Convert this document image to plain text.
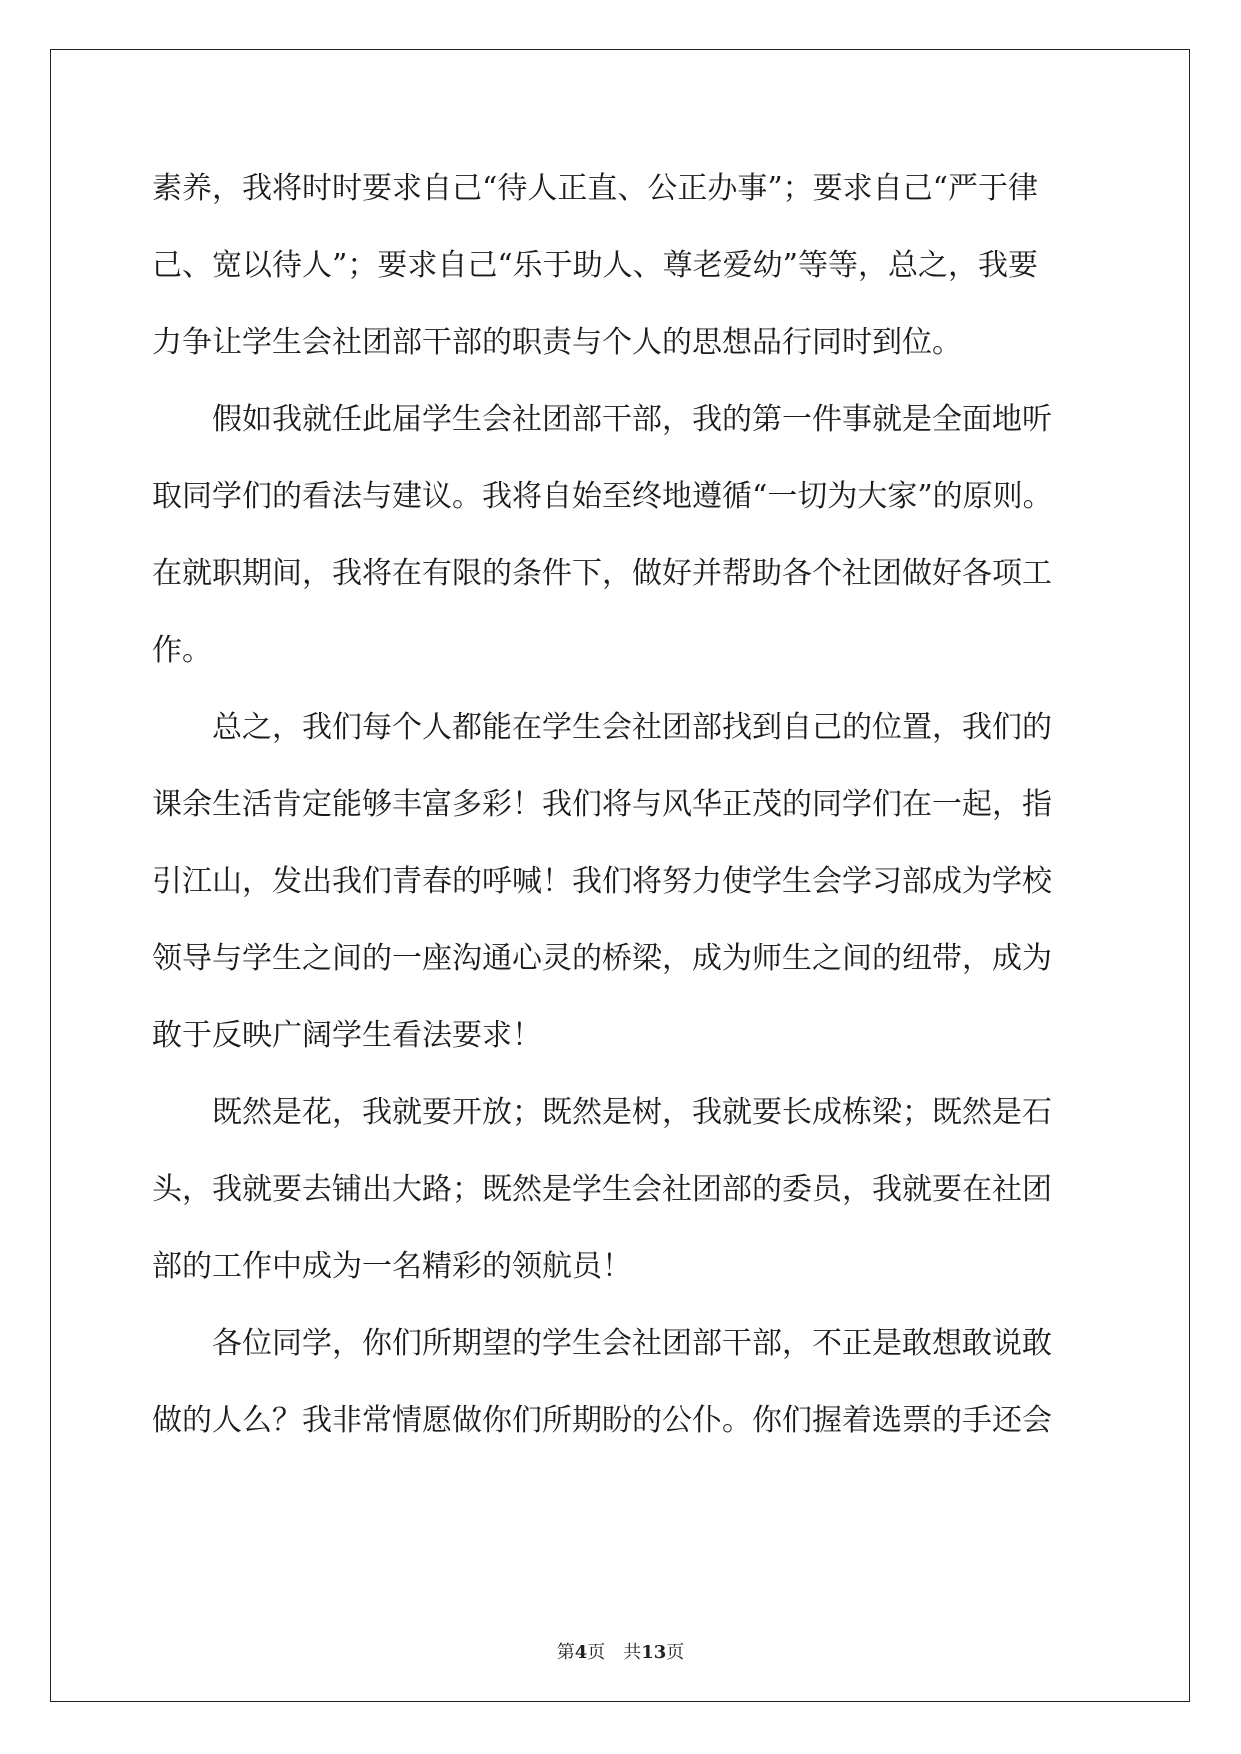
素养，我将时时要求自己“待人正直、公正办事”；要求自己“严于律
己、宽以待人”；要求自己“乐于助人、尊老爱幼”等等，总之，我要
力争让学生会社团部干部的职责与个人的思想品行同时到位。
　　假如我就任此届学生会社团部干部，我的第一件事就是全面地听
取同学们的看法与建议。我将自始至终地遵循“一切为大家”的原则。
在就职期间，我将在有限的条件下，做好并帮助各个社团做好各项工
作。
　　总之，我们每个人都能在学生会社团部找到自己的位置，我们的
课余生活肯定能够丰富多彩！我们将与风华正茂的同学们在一起，指
引江山，发出我们青春的呼喊！我们将努力使学生会学习部成为学校
领导与学生之间的一座沟通心灵的桥梁，成为师生之间的纽带，成为
敢于反映广阔学生看法要求！
　　既然是花，我就要开放；既然是树，我就要长成栋梁；既然是石
头，我就要去铺出大路；既然是学生会社团部的委员，我就要在社团
部的工作中成为一名精彩的领航员！
　　各位同学，你们所期望的学生会社团部干部，不正是敢想敢说敢
做的人么？我非常情愿做你们所期盼的公仆。你们握着选票的手还会
第4页　 共13页
